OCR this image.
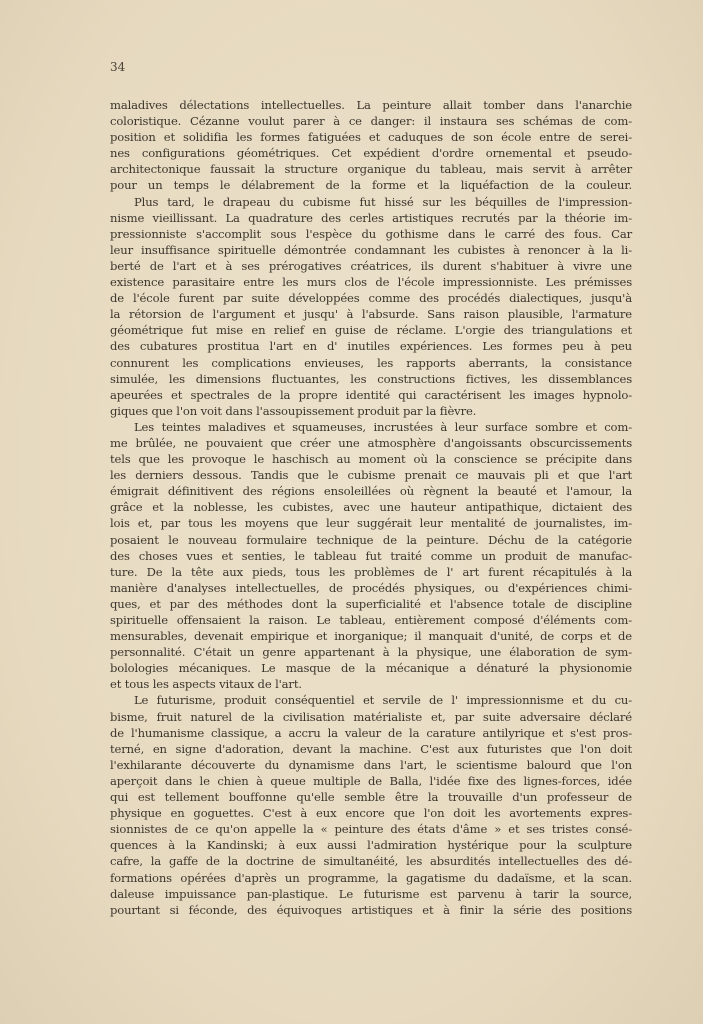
34
maladives délectations intellectuelles. La peinture allait tomber dans l'anarchie
coloristique. Cézanne voulut parer à ce danger: il instaura ses schémas de com-
position et solidifia les formes fatiguées et caduques de son école entre de serei-
nes configurations géométriques. Cet expédient d'ordre ornemental et pseudo-
architectonique faussait la structure organique du tableau, mais servit à arrêter
pour un temps le délabrement de la forme et la liquéfaction de la couleur.
Plus tard, le drapeau du cubisme fut hissé sur les béquilles de l'impression-
nisme vieillissant. La quadrature des cerles artistiques recrutés par la théorie im-
pressionniste s'accomplit sous l'espèce du gothisme dans le carré des fous. Car
leur insuffisance spirituelle démontrée condamnant les cubistes à renoncer à la li-
berté de l'art et à ses prérogatives créatrices, ils durent s'habituer à vivre une
existence parasitaire entre les murs clos de l'école impressionniste. Les prémisses
de l'école furent par suite développées comme des procédés dialectiques, jusqu'à
la rétorsion de l'argument et jusqu' à l'absurde. Sans raison plausible, l'armature
géométrique fut mise en relief en guise de réclame. L'orgie des triangulations et
des cubatures prostitua l'art en d' inutiles expériences. Les formes peu à peu
connurent les complications envieuses, les rapports aberrants, la consistance
simulée, les dimensions fluctuantes, les constructions fictives, les dissemblances
apeurées et spectrales de la propre identité qui caractérisent les images hypnolo-
giques que l'on voit dans l'assoupissement produit par la fièvre.
Les teintes maladives et squameuses, incrustées à leur surface sombre et com-
me brûlée, ne pouvaient que créer une atmosphère d'angoissants obscurcissements
tels que les provoque le haschisch au moment où la conscience se précipite dans
les derniers dessous. Tandis que le cubisme prenait ce mauvais pli et que l'art
émigrait définitivent des régions ensoleillées où règnent la beauté et l'amour, la
grâce et la noblesse, les cubistes, avec une hauteur antipathique, dictaient des
lois et, par tous les moyens que leur suggérait leur mentalité de journalistes, im-
posaient le nouveau formulaire technique de la peinture. Déchu de la catégorie
des choses vues et senties, le tableau fut traité comme un produit de manufac-
ture. De la tête aux pieds, tous les problèmes de l' art furent récapitulés à la
manière d'analyses intellectuelles, de procédés physiques, ou d'expériences chimi-
ques, et par des méthodes dont la superficialité et l'absence totale de discipline
spirituelle offensaient la raison. Le tableau, entièrement composé d'éléments com-
mensurables, devenait empirique et inorganique; il manquait d'unité, de corps et de
personnalité. C'était un genre appartenant à la physique, une élaboration de sym-
bolologies mécaniques. Le masque de la mécanique a dénaturé la physionomie
et tous les aspects vitaux de l'art.
Le futurisme, produit conséquentiel et servile de l' impressionnisme et du cu-
bisme, fruit naturel de la civilisation matérialiste et, par suite adversaire déclaré
de l'humanisme classique, a accru la valeur de la carature antilyrique et s'est pros-
terné, en signe d'adoration, devant la machine. C'est aux futuristes que l'on doit
l'exhilarante découverte du dynamisme dans l'art, le scientisme balourd que l'on
aperçoit dans le chien à queue multiple de Balla, l'idée fixe des lignes-forces, idée
qui est tellement bouffonne qu'elle semble être la trouvaille d'un professeur de
physique en goguettes. C'est à eux encore que l'on doit les avortements expres-
sionnistes de ce qu'on appelle la « peinture des états d'âme » et ses tristes consé-
quences à la Kandinski; à eux aussi l'admiration hystérique pour la sculpture
cafre, la gaffe de la doctrine de simultanéité, les absurdités intellectuelles des dé-
formations opérées d'après un programme, la gagatisme du dadaïsme, et la scan.
daleuse impuissance pan-plastique. Le futurisme est parvenu à tarir la source,
pourtant si féconde, des équivoques artistiques et à finir la série des positions
